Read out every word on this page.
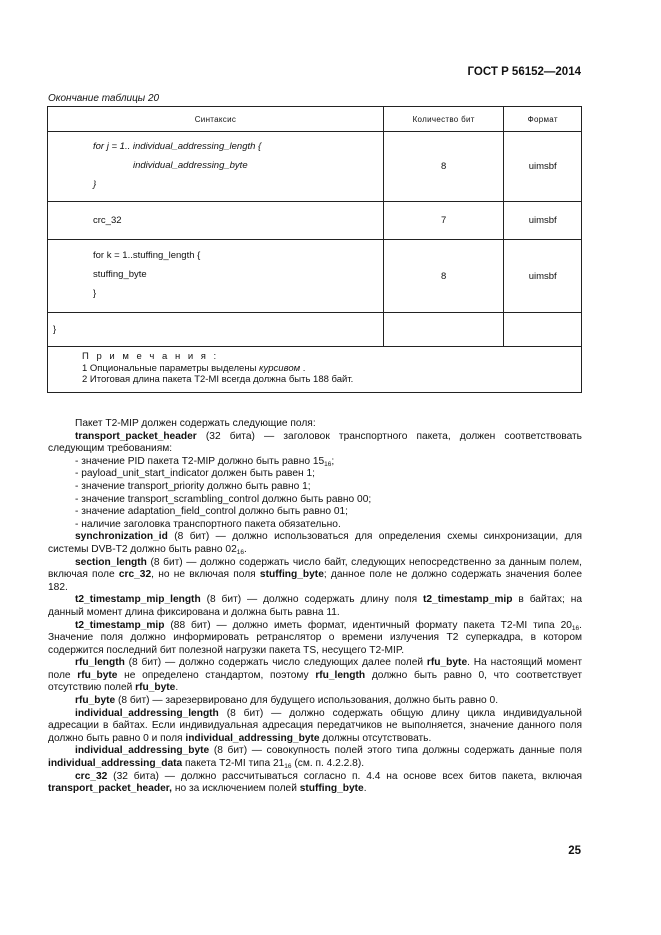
ГОСТ Р 56152—2014
Окончание таблицы 20
Синтаксис	Количество бит	Формат

for j = 1.. individual_addressing_length {
individual_addressing_byte
}	8	uimsbf

crc_32	7	uimsbf

for k = 1..stuffing_length {
stuffing_byte
}	8	uimsbf

}		

П р и м е ч а н и я :
1 Опциональные параметры выделены курсивом .
2 Итоговая длина пакета T2-MI всегда должна быть 188 байт.		

Пакет T2-MIP должен содержать следующие поля:

transport_packet_header (32 бита) — заголовок транспортного пакета, должен соответствовать следующим требованиям:

- значение PID пакета T2-MIP должно быть равно $15_{16}$;

- payload_unit_start_indicator должен быть равен 1;

- значение transport_priority должно быть равно 1;

- значение transport_scrambling_control должно быть равно 00;

- значение adaptation_field_control должно быть равно 01;

- наличие заголовка транспортного пакета обязательно.

synchronization_id (8 бит) — должно использоваться для определения схемы синхронизации, для системы DVB-T2 должно быть равно $02_{16}$.

section_length (8 бит) — должно содержать число байт, следующих непосредственно за данным полем, включая поле crc_32, но не включая поля stuffing_byte; данное поле не должно содержать значения более 182.

t2_timestamp_mip_length (8 бит) — должно содержать длину поля t2_timestamp_mip в байтах; на данный момент длина фиксирована и должна быть равна 11.

t2_timestamp_mip (88 бит) — должно иметь формат, идентичный формату пакета T2-MI типа $20_{16}$. Значение поля должно информировать ретранслятор о времени излучения T2 суперкадра, в котором содержится последний бит полезной нагрузки пакета TS, несущего T2-MIP.

rfu_length (8 бит) — должно содержать число следующих далее полей rfu_byte. На настоящий момент поле rfu_byte не определено стандартом, поэтому rfu_length должно быть равно 0, что соответствует отсутствию полей rfu_byte.

rfu_byte (8 бит) — зарезервировано для будущего использования, должно быть равно 0.

individual_addressing_length (8 бит) — должно содержать общую длину цикла индивидуальной адресации в байтах. Если индивидуальная адресация передатчиков не выполняется, значение данного поля должно быть равно 0 и поля individual_addressing_byte должны отсутствовать.

individual_addressing_byte (8 бит) — совокупность полей этого типа должны содержать данные поля individual_addressing_data пакета T2-MI типа $21_{16}$ (см. п. 4.2.2.8).

crc_32 (32 бита) — должно рассчитываться согласно п. 4.4 на основе всех битов пакета, включая transport_packet_header, но за исключением полей stuffing_byte.

25
